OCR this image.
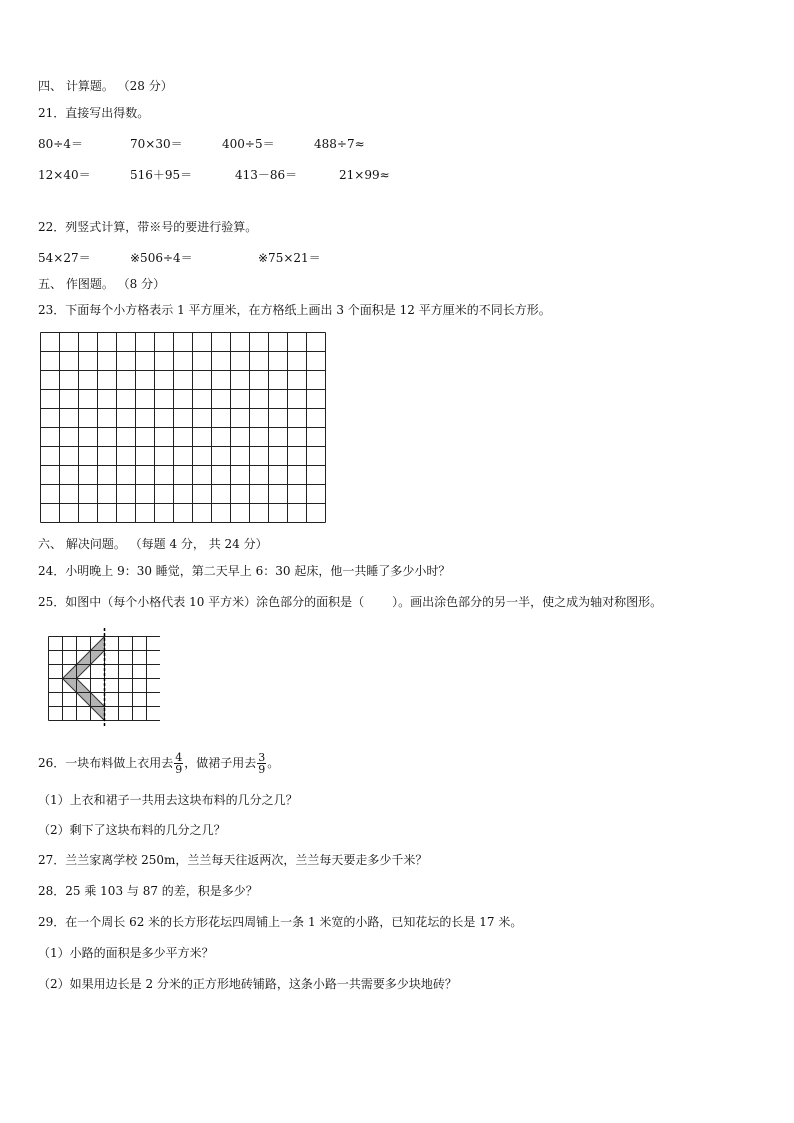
四、 计算题。 （28 分）
21．直接写出得数。
80÷4＝	70×30＝	400÷5＝	488÷7≈
12×40＝	516＋95＝	413－86＝	21×99≈
22．列竖式计算，带※号的要进行验算。
54×27＝	※506÷4＝	※75×21＝
五、 作图题。 （8 分）
23．下面每个小方格表示 1 平方厘米，在方格纸上画出 3 个面积是 12 平方厘米的不同长方形。
六、 解决问题。 （每题 4 分， 共 24 分）
24．小明晚上 9：30 睡觉，第二天早上 6：30 起床，他一共睡了多少小时？
25．如图中（每个小格代表 10 平方米）涂色部分的面积是（ ）。画出涂色部分的另一半，使之成为轴对称图形。
26．一块布料做上衣用去 $\frac{4}{9}$ ，做裙子用去 $\frac{3}{9}$ 。
（1）上衣和裙子一共用去这块布料的几分之几？
（2）剩下了这块布料的几分之几？
27．兰兰家离学校 250m，兰兰每天往返两次，兰兰每天要走多少千米？
28．25 乘 103 与 87 的差，积是多少？
29．在一个周长 62 米的长方形花坛四周铺上一条 1 米宽的小路，已知花坛的长是 17 米。
（1）小路的面积是多少平方米？
（2）如果用边长是 2 分米的正方形地砖铺路，这条小路一共需要多少块地砖？
